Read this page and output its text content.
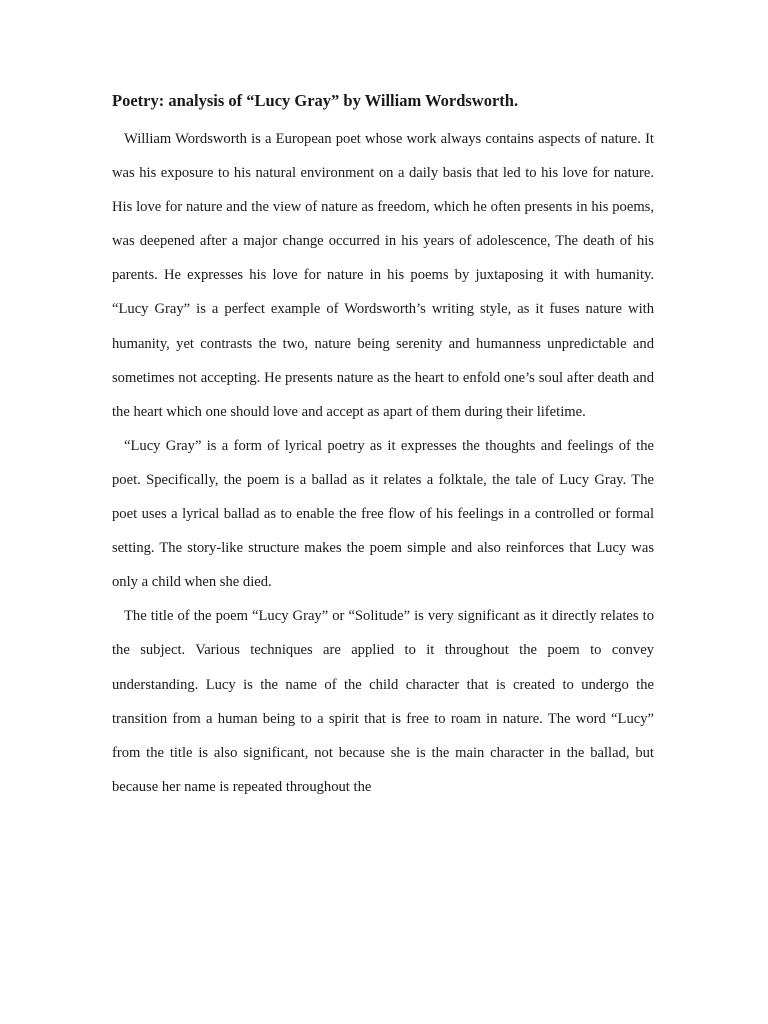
Poetry: analysis of “Lucy Gray” by William Wordsworth.

William Wordsworth is a European poet whose work always contains aspects of nature. It was his exposure to his natural environment on a daily basis that led to his love for nature. His love for nature and the view of nature as freedom, which he often presents in his poems, was deepened after a major change occurred in his years of adolescence, The death of his parents. He expresses his love for nature in his poems by juxtaposing it with humanity. “Lucy Gray” is a perfect example of Wordsworth’s writing style, as it fuses nature with humanity, yet contrasts the two, nature being serenity and humanness unpredictable and sometimes not accepting. He presents nature as the heart to enfold one’s soul after death and the heart which one should love and accept as apart of them during their lifetime.

“Lucy Gray” is a form of lyrical poetry as it expresses the thoughts and feelings of the poet. Specifically, the poem is a ballad as it relates a folktale, the tale of Lucy Gray. The poet uses a lyrical ballad as to enable the free flow of his feelings in a controlled or formal setting. The story-like structure makes the poem simple and also reinforces that Lucy was only a child when she died.

The title of the poem “Lucy Gray” or “Solitude” is very significant as it directly relates to the subject. Various techniques are applied to it throughout the poem to convey understanding. Lucy is the name of the child character that is created to undergo the transition from a human being to a spirit that is free to roam in nature. The word “Lucy” from the title is also significant, not because she is the main character in the ballad, but because her name is repeated throughout the
